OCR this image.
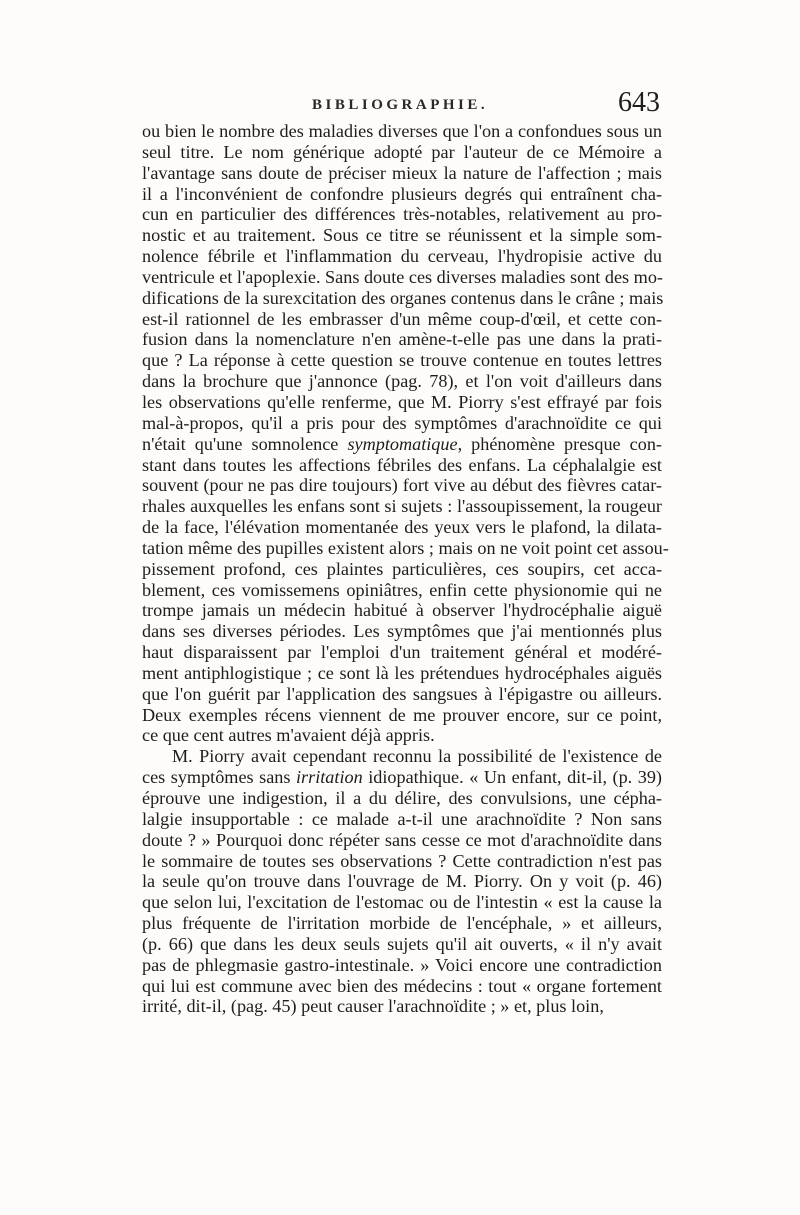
BIBLIOGRAPHIE.	643
ou bien le nombre des maladies diverses que l'on a confondues sous un
seul titre. Le nom générique adopté par l'auteur de ce Mémoire a
l'avantage sans doute de préciser mieux la nature de l'affection ; mais
il a l'inconvénient de confondre plusieurs degrés qui entraînent cha-
cun en particulier des différences très-notables, relativement au pro-
nostic et au traitement. Sous ce titre se réunissent et la simple som-
nolence fébrile et l'inflammation du cerveau, l'hydropisie active du
ventricule et l'apoplexie. Sans doute ces diverses maladies sont des mo-
difications de la surexcitation des organes contenus dans le crâne ; mais
est-il rationnel de les embrasser d'un même coup-d'œil, et cette con-
fusion dans la nomenclature n'en amène-t-elle pas une dans la prati-
que ? La réponse à cette question se trouve contenue en toutes lettres
dans la brochure que j'annonce (pag. 78), et l'on voit d'ailleurs dans
les observations qu'elle renferme, que M. Piorry s'est effrayé par fois
mal-à-propos, qu'il a pris pour des symptômes d'arachnoïdite ce qui
n'était qu'une somnolence symptomatique, phénomène presque con-
stant dans toutes les affections fébriles des enfans. La céphalalgie est
souvent (pour ne pas dire toujours) fort vive au début des fièvres catar-
rhales auxquelles les enfans sont si sujets : l'assoupissement, la rougeur
de la face, l'élévation momentanée des yeux vers le plafond, la dilata-
tation même des pupilles existent alors ; mais on ne voit point cet assou-
pissement profond, ces plaintes particulières, ces soupirs, cet acca-
blement, ces vomissemens opiniâtres, enfin cette physionomie qui ne
trompe jamais un médecin habitué à observer l'hydrocéphalie aiguë
dans ses diverses périodes. Les symptômes que j'ai mentionnés plus
haut disparaissent par l'emploi d'un traitement général et modéré-
ment antiphlogistique ; ce sont là les prétendues hydrocéphales aiguës
que l'on guérit par l'application des sangsues à l'épigastre ou ailleurs.
Deux exemples récens viennent de me prouver encore, sur ce point,
ce que cent autres m'avaient déjà appris.
M. Piorry avait cependant reconnu la possibilité de l'existence de
ces symptômes sans irritation idiopathique. « Un enfant, dit-il, (p. 39)
éprouve une indigestion, il a du délire, des convulsions, une cépha-
lalgie insupportable : ce malade a-t-il une arachnoïdite ? Non sans
doute ? » Pourquoi donc répéter sans cesse ce mot d'arachnoïdite dans
le sommaire de toutes ses observations ? Cette contradiction n'est pas
la seule qu'on trouve dans l'ouvrage de M. Piorry. On y voit (p. 46)
que selon lui, l'excitation de l'estomac ou de l'intestin « est la cause la
plus fréquente de l'irritation morbide de l'encéphale, » et ailleurs,
(p. 66) que dans les deux seuls sujets qu'il ait ouverts, « il n'y avait
pas de phlegmasie gastro-intestinale. » Voici encore une contradiction
qui lui est commune avec bien des médecins : tout « organe fortement
irrité, dit-il, (pag. 45) peut causer l'arachnoïdite ; » et, plus loin,
